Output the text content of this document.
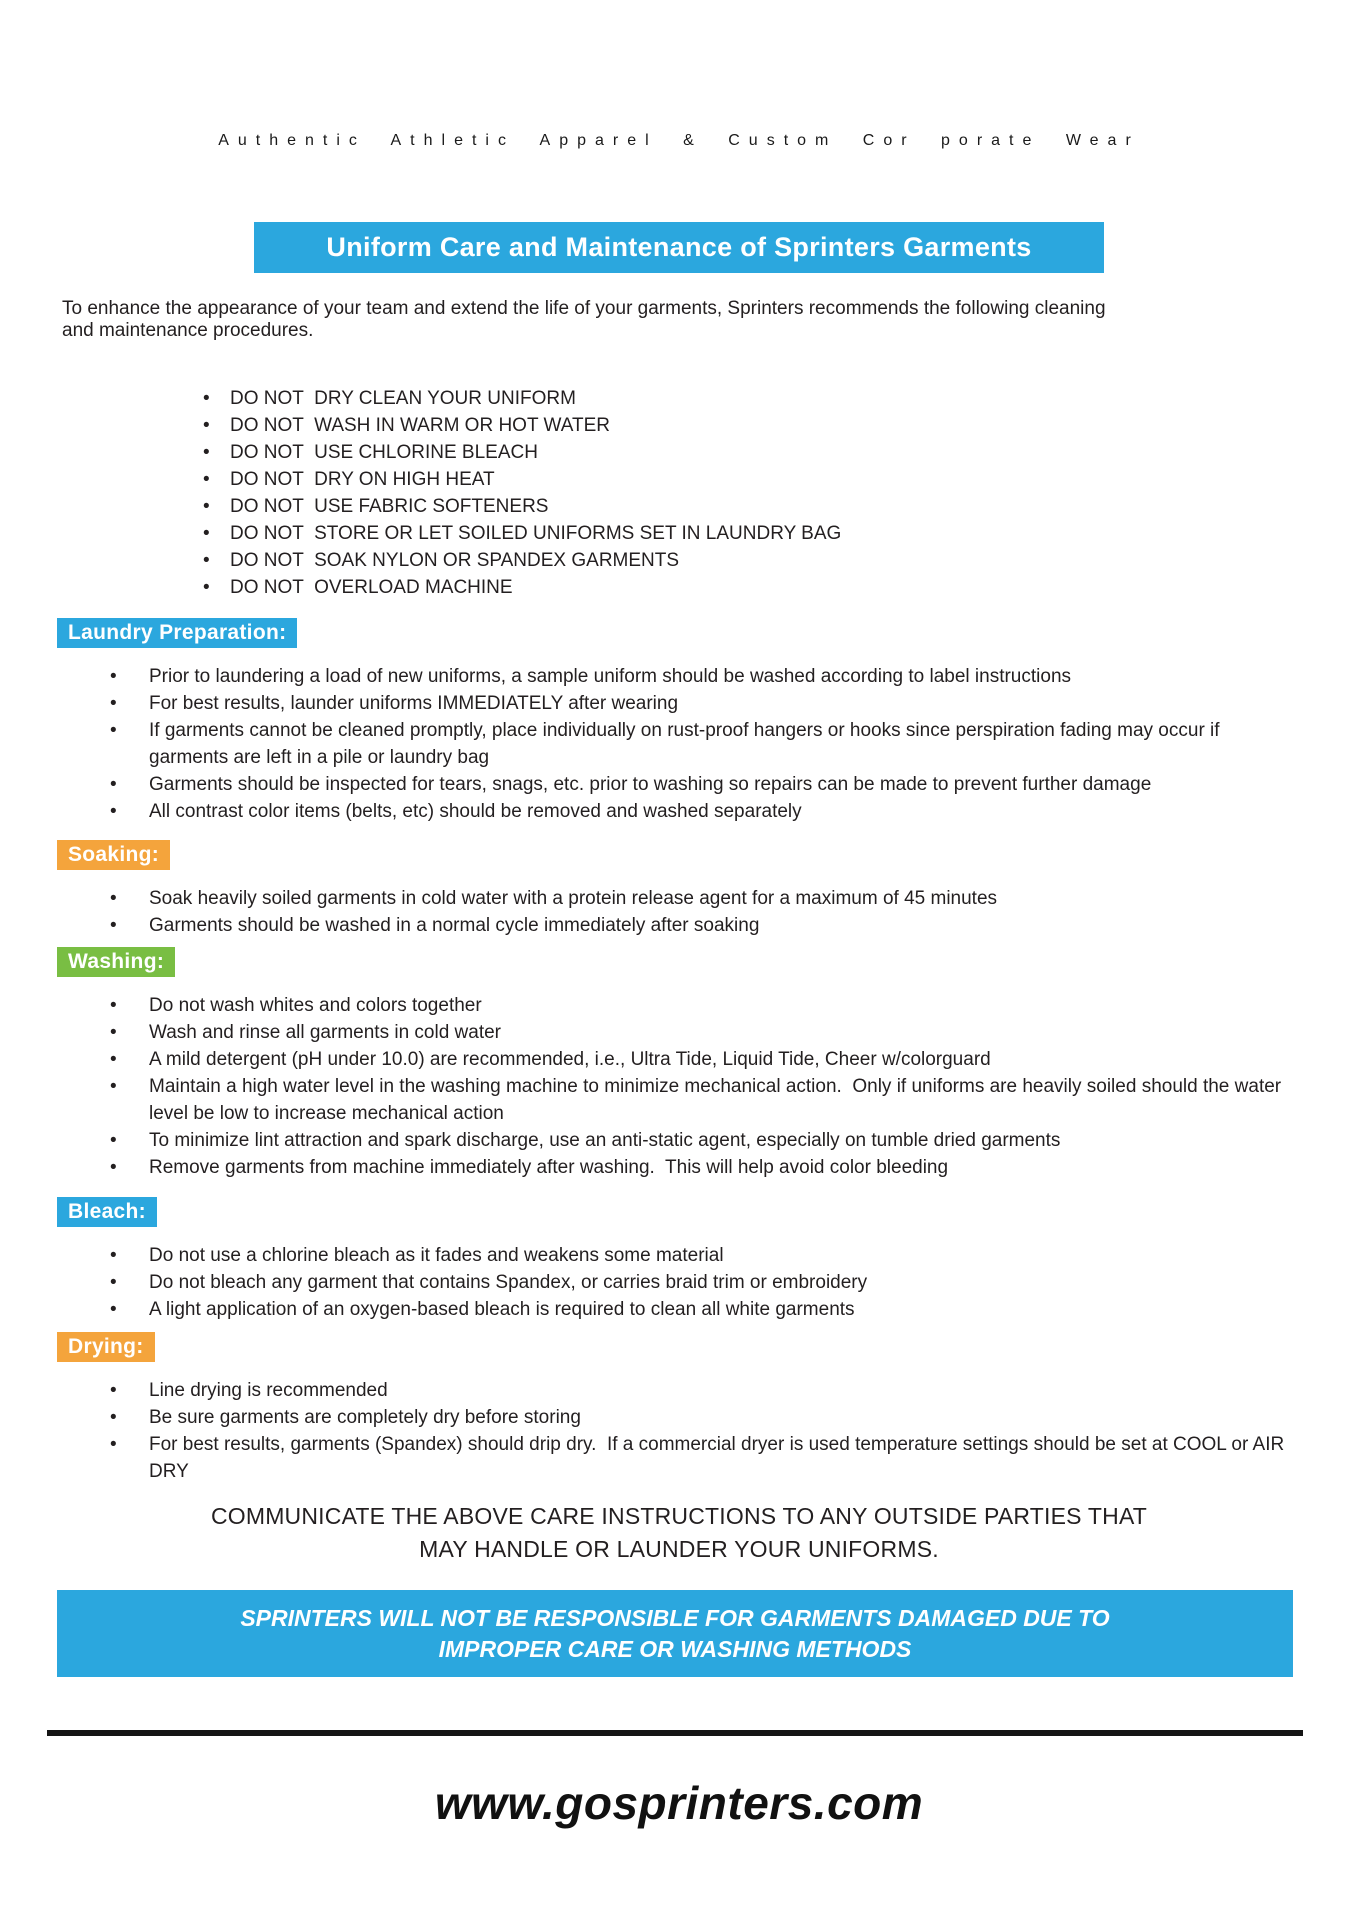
Authentic Athletic Apparel & Custom Cor porate Wear
Uniform Care and Maintenance of Sprinters Garments
To enhance the appearance of your team and extend the life of your garments, Sprinters recommends the following cleaning
and maintenance procedures.
• DO NOT  DRY CLEAN YOUR UNIFORM
• DO NOT  WASH IN WARM OR HOT WATER
• DO NOT  USE CHLORINE BLEACH
• DO NOT  DRY ON HIGH HEAT
• DO NOT  USE FABRIC SOFTENERS
• DO NOT  STORE OR LET SOILED UNIFORMS SET IN LAUNDRY BAG
• DO NOT  SOAK NYLON OR SPANDEX GARMENTS
• DO NOT  OVERLOAD MACHINE
Laundry Preparation:
• Prior to laundering a load of new uniforms, a sample uniform should be washed according to label instructions
• For best results, launder uniforms IMMEDIATELY after wearing
• If garments cannot be cleaned promptly, place individually on rust-proof hangers or hooks since perspiration fading may occur if garments are left in a pile or laundry bag
• Garments should be inspected for tears, snags, etc. prior to washing so repairs can be made to prevent further damage
• All contrast color items (belts, etc) should be removed and washed separately
Soaking:
• Soak heavily soiled garments in cold water with a protein release agent for a maximum of 45 minutes
• Garments should be washed in a normal cycle immediately after soaking
Washing:
• Do not wash whites and colors together
• Wash and rinse all garments in cold water
• A mild detergent (pH under 10.0) are recommended, i.e., Ultra Tide, Liquid Tide, Cheer w/colorguard
• Maintain a high water level in the washing machine to minimize mechanical action.  Only if uniforms are heavily soiled should the water level be low to increase mechanical action
• To minimize lint attraction and spark discharge, use an anti-static agent, especially on tumble dried garments
• Remove garments from machine immediately after washing.  This will help avoid color bleeding
Bleach:
• Do not use a chlorine bleach as it fades and weakens some material
• Do not bleach any garment that contains Spandex, or carries braid trim or embroidery
• A light application of an oxygen-based bleach is required to clean all white garments
Drying:
• Line drying is recommended
• Be sure garments are completely dry before storing
• For best results, garments (Spandex) should drip dry.  If a commercial dryer is used temperature settings should be set at COOL or AIR DRY
COMMUNICATE THE ABOVE CARE INSTRUCTIONS TO ANY OUTSIDE PARTIES THAT
MAY HANDLE OR LAUNDER YOUR UNIFORMS.
SPRINTERS WILL NOT BE RESPONSIBLE FOR GARMENTS DAMAGED DUE TO
IMPROPER CARE OR WASHING METHODS
www.gosprinters.com
